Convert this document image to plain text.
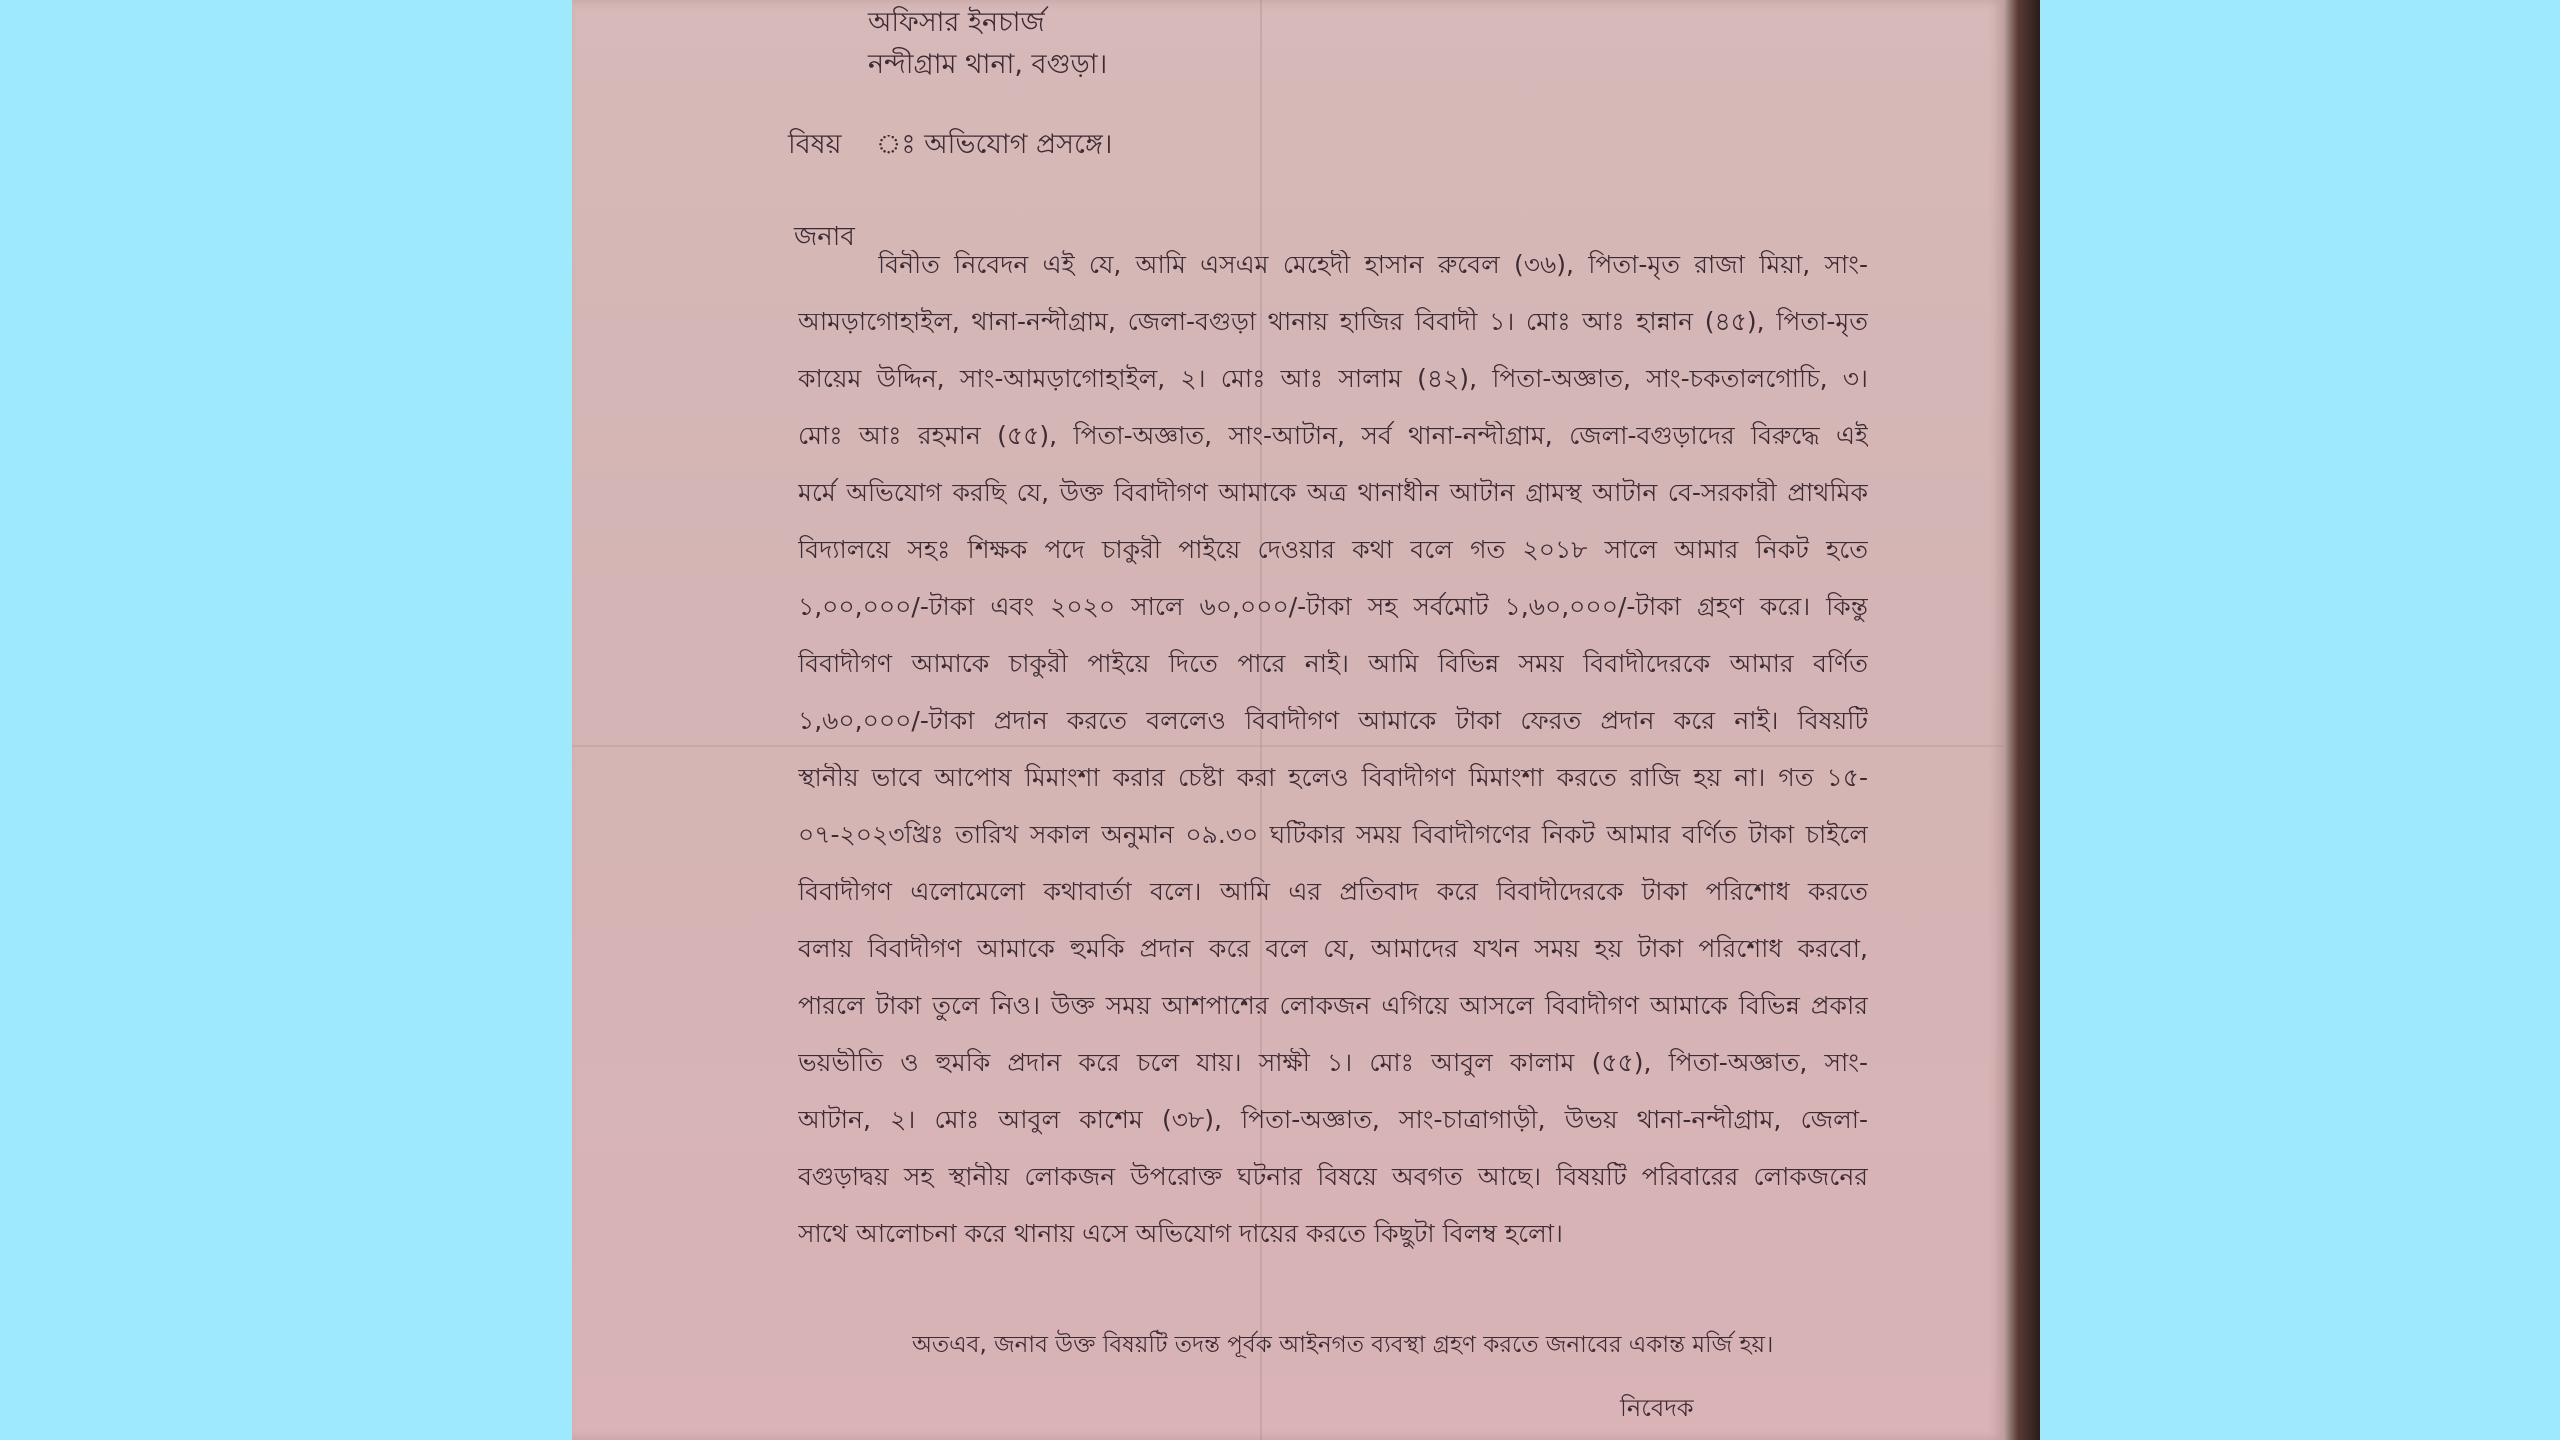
অফিসার ইনচার্জ
নন্দীগ্রাম থানা, বগুড়া।
বিষয় ঃ অভিযোগ প্রসঙ্গে।
জনাব
বিনীত নিবেদন এই যে, আমি এসএম মেহেদী হাসান রুবেল (৩৬), পিতা-মৃত রাজা মিয়া, সাং-
আমড়াগোহাইল, থানা-নন্দীগ্রাম, জেলা-বগুড়া থানায় হাজির বিবাদী ১। মোঃ আঃ হান্নান (৪৫), পিতা-মৃত
কায়েম উদ্দিন, সাং-আমড়াগোহাইল, ২। মোঃ আঃ সালাম (৪২), পিতা-অজ্ঞাত, সাং-চকতালগোচি, ৩।
মোঃ আঃ রহমান (৫৫), পিতা-অজ্ঞাত, সাং-আটান, সর্ব থানা-নন্দীগ্রাম, জেলা-বগুড়াদের বিরুদ্ধে এই
মর্মে অভিযোগ করছি যে, উক্ত বিবাদীগণ আমাকে অত্র থানাধীন আটান গ্রামস্থ আটান বে-সরকারী প্রাথমিক
বিদ্যালয়ে সহঃ শিক্ষক পদে চাকুরী পাইয়ে দেওয়ার কথা বলে গত ২০১৮ সালে আমার নিকট হতে
১,০০,০০০/-টাকা এবং ২০২০ সালে ৬০,০০০/-টাকা সহ সর্বমোট ১,৬০,০০০/-টাকা গ্রহণ করে। কিন্তু
বিবাদীগণ আমাকে চাকুরী পাইয়ে দিতে পারে নাই। আমি বিভিন্ন সময় বিবাদীদেরকে আমার বর্ণিত
১,৬০,০০০/-টাকা প্রদান করতে বললেও বিবাদীগণ আমাকে টাকা ফেরত প্রদান করে নাই। বিষয়টি
স্থানীয় ভাবে আপোষ মিমাংশা করার চেষ্টা করা হলেও বিবাদীগণ মিমাংশা করতে রাজি হয় না। গত ১৫-
০৭-২০২৩খ্রিঃ তারিখ সকাল অনুমান ০৯.৩০ ঘটিকার সময় বিবাদীগণের নিকট আমার বর্ণিত টাকা চাইলে
বিবাদীগণ এলোমেলো কথাবার্তা বলে। আমি এর প্রতিবাদ করে বিবাদীদেরকে টাকা পরিশোধ করতে
বলায় বিবাদীগণ আমাকে হুমকি প্রদান করে বলে যে, আমাদের যখন সময় হয় টাকা পরিশোধ করবো,
পারলে টাকা তুলে নিও। উক্ত সময় আশপাশের লোকজন এগিয়ে আসলে বিবাদীগণ আমাকে বিভিন্ন প্রকার
ভয়ভীতি ও হুমকি প্রদান করে চলে যায়। সাক্ষী ১। মোঃ আবুল কালাম (৫৫), পিতা-অজ্ঞাত, সাং-
আটান, ২। মোঃ আবুল কাশেম (৩৮), পিতা-অজ্ঞাত, সাং-চাত্রাগাড়ী, উভয় থানা-নন্দীগ্রাম, জেলা-
বগুড়াদ্বয় সহ স্থানীয় লোকজন উপরোক্ত ঘটনার বিষয়ে অবগত আছে। বিষয়টি পরিবারের লোকজনের
সাথে আলোচনা করে থানায় এসে অভিযোগ দায়ের করতে কিছুটা বিলম্ব হলো।
অতএব, জনাব উক্ত বিষয়টি তদন্ত পূর্বক আইনগত ব্যবস্থা গ্রহণ করতে জনাবের একান্ত মর্জি হয়।
নিবেদক
